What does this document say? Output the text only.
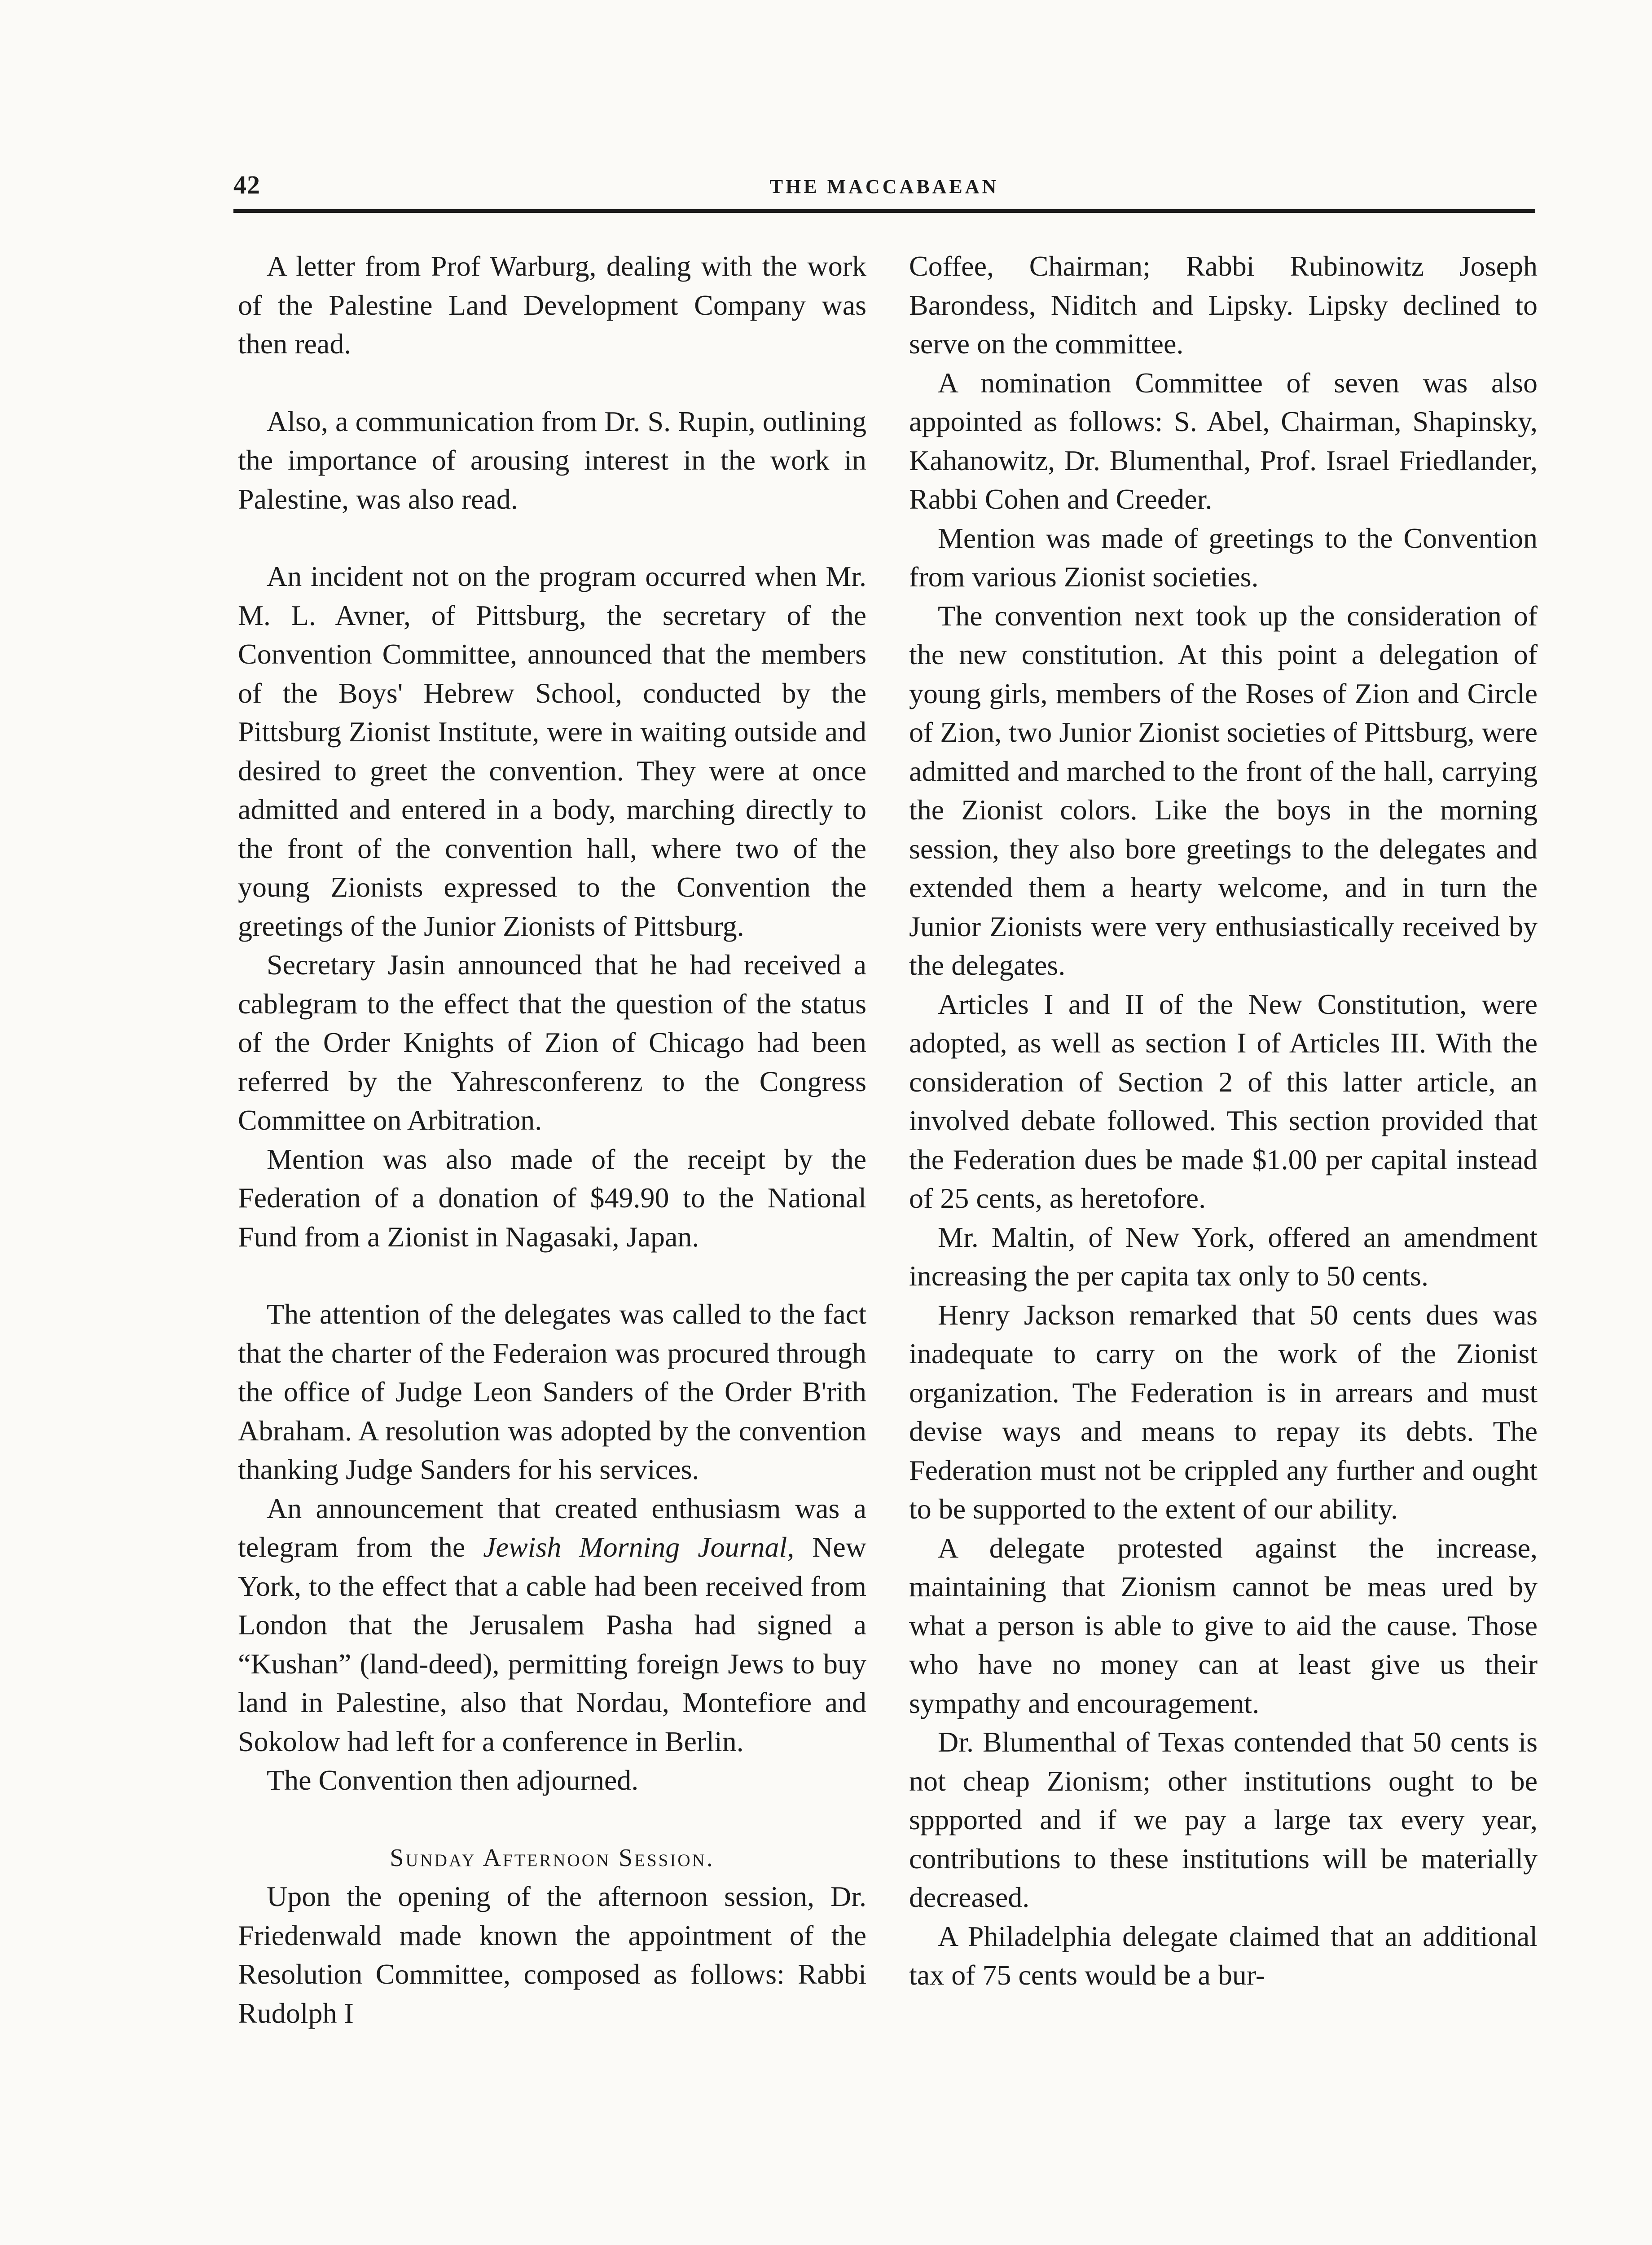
42	THE MACCABAEAN

A letter from Prof Warburg, dealing with the work of the Palestine Land Development Company was then read.

Also, a communication from Dr. S. Rupin, outlining the importance of arousing interest in the work in Palestine, was also read.

An incident not on the program occurred when Mr. M. L. Avner, of Pittsburg, the secretary of the Convention Committee, announced that the members of the Boys' Hebrew School, conducted by the Pittsburg Zionist Institute, were in waiting outside and desired to greet the convention. They were at once admitted and entered in a body, marching directly to the front of the convention hall, where two of the young Zionists expressed to the Convention the greetings of the Junior Zionists of Pittsburg.

Secretary Jasin announced that he had received a cablegram to the effect that the question of the status of the Order Knights of Zion of Chicago had been referred by the Yahresconferenz to the Congress Committee on Arbitration.

Mention was also made of the receipt by the Federation of a donation of $49.90 to the National Fund from a Zionist in Nagasaki, Japan.

The attention of the delegates was called to the fact that the charter of the Federaion was procured through the office of Judge Leon Sanders of the Order B'rith Abraham. A resolution was adopted by the convention thanking Judge Sanders for his services.

An announcement that created enthusiasm was a telegram from the Jewish Morning Journal, New York, to the effect that a cable had been received from London that the Jerusalem Pasha had signed a “Kushan” (land-deed), permitting foreign Jews to buy land in Palestine, also that Nordau, Montefiore and Sokolow had left for a conference in Berlin.

The Convention then adjourned.

Sunday Afternoon Session.

Upon the opening of the afternoon session, Dr. Friedenwald made known the appointment of the Resolution Committee, composed as follows: Rabbi Rudolph I

Coffee, Chairman; Rabbi Rubinowitz Joseph Barondess, Niditch and Lipsky. Lipsky declined to serve on the committee.

A nomination Committee of seven was also appointed as follows: S. Abel, Chairman, Shapinsky, Kahanowitz, Dr. Blumenthal, Prof. Israel Friedlander, Rabbi Cohen and Creeder.

Mention was made of greetings to the Convention from various Zionist societies.

The convention next took up the consideration of the new constitution. At this point a delegation of young girls, members of the Roses of Zion and Circle of Zion, two Junior Zionist societies of Pittsburg, were admitted and marched to the front of the hall, carrying the Zionist colors. Like the boys in the morning session, they also bore greetings to the delegates and extended them a hearty welcome, and in turn the Junior Zionists were very enthusiastically received by the delegates.

Articles I and II of the New Constitution, were adopted, as well as section I of Articles III. With the consideration of Section 2 of this latter article, an involved debate followed. This section provided that the Federation dues be made $1.00 per capital instead of 25 cents, as heretofore.

Mr. Maltin, of New York, offered an amendment increasing the per capita tax only to 50 cents.

Henry Jackson remarked that 50 cents dues was inadequate to carry on the work of the Zionist organization. The Federation is in arrears and must devise ways and means to repay its debts. The Federation must not be crippled any further and ought to be supported to the extent of our ability.

A delegate protested against the increase, maintaining that Zionism cannot be meas ured by what a person is able to give to aid the cause. Those who have no money can at least give us their sympathy and encouragement.

Dr. Blumenthal of Texas contended that 50 cents is not cheap Zionism; other institutions ought to be sppported and if we pay a large tax every year, contributions to these institutions will be materially decreased.

A Philadelphia delegate claimed that an additional tax of 75 cents would be a bur-
